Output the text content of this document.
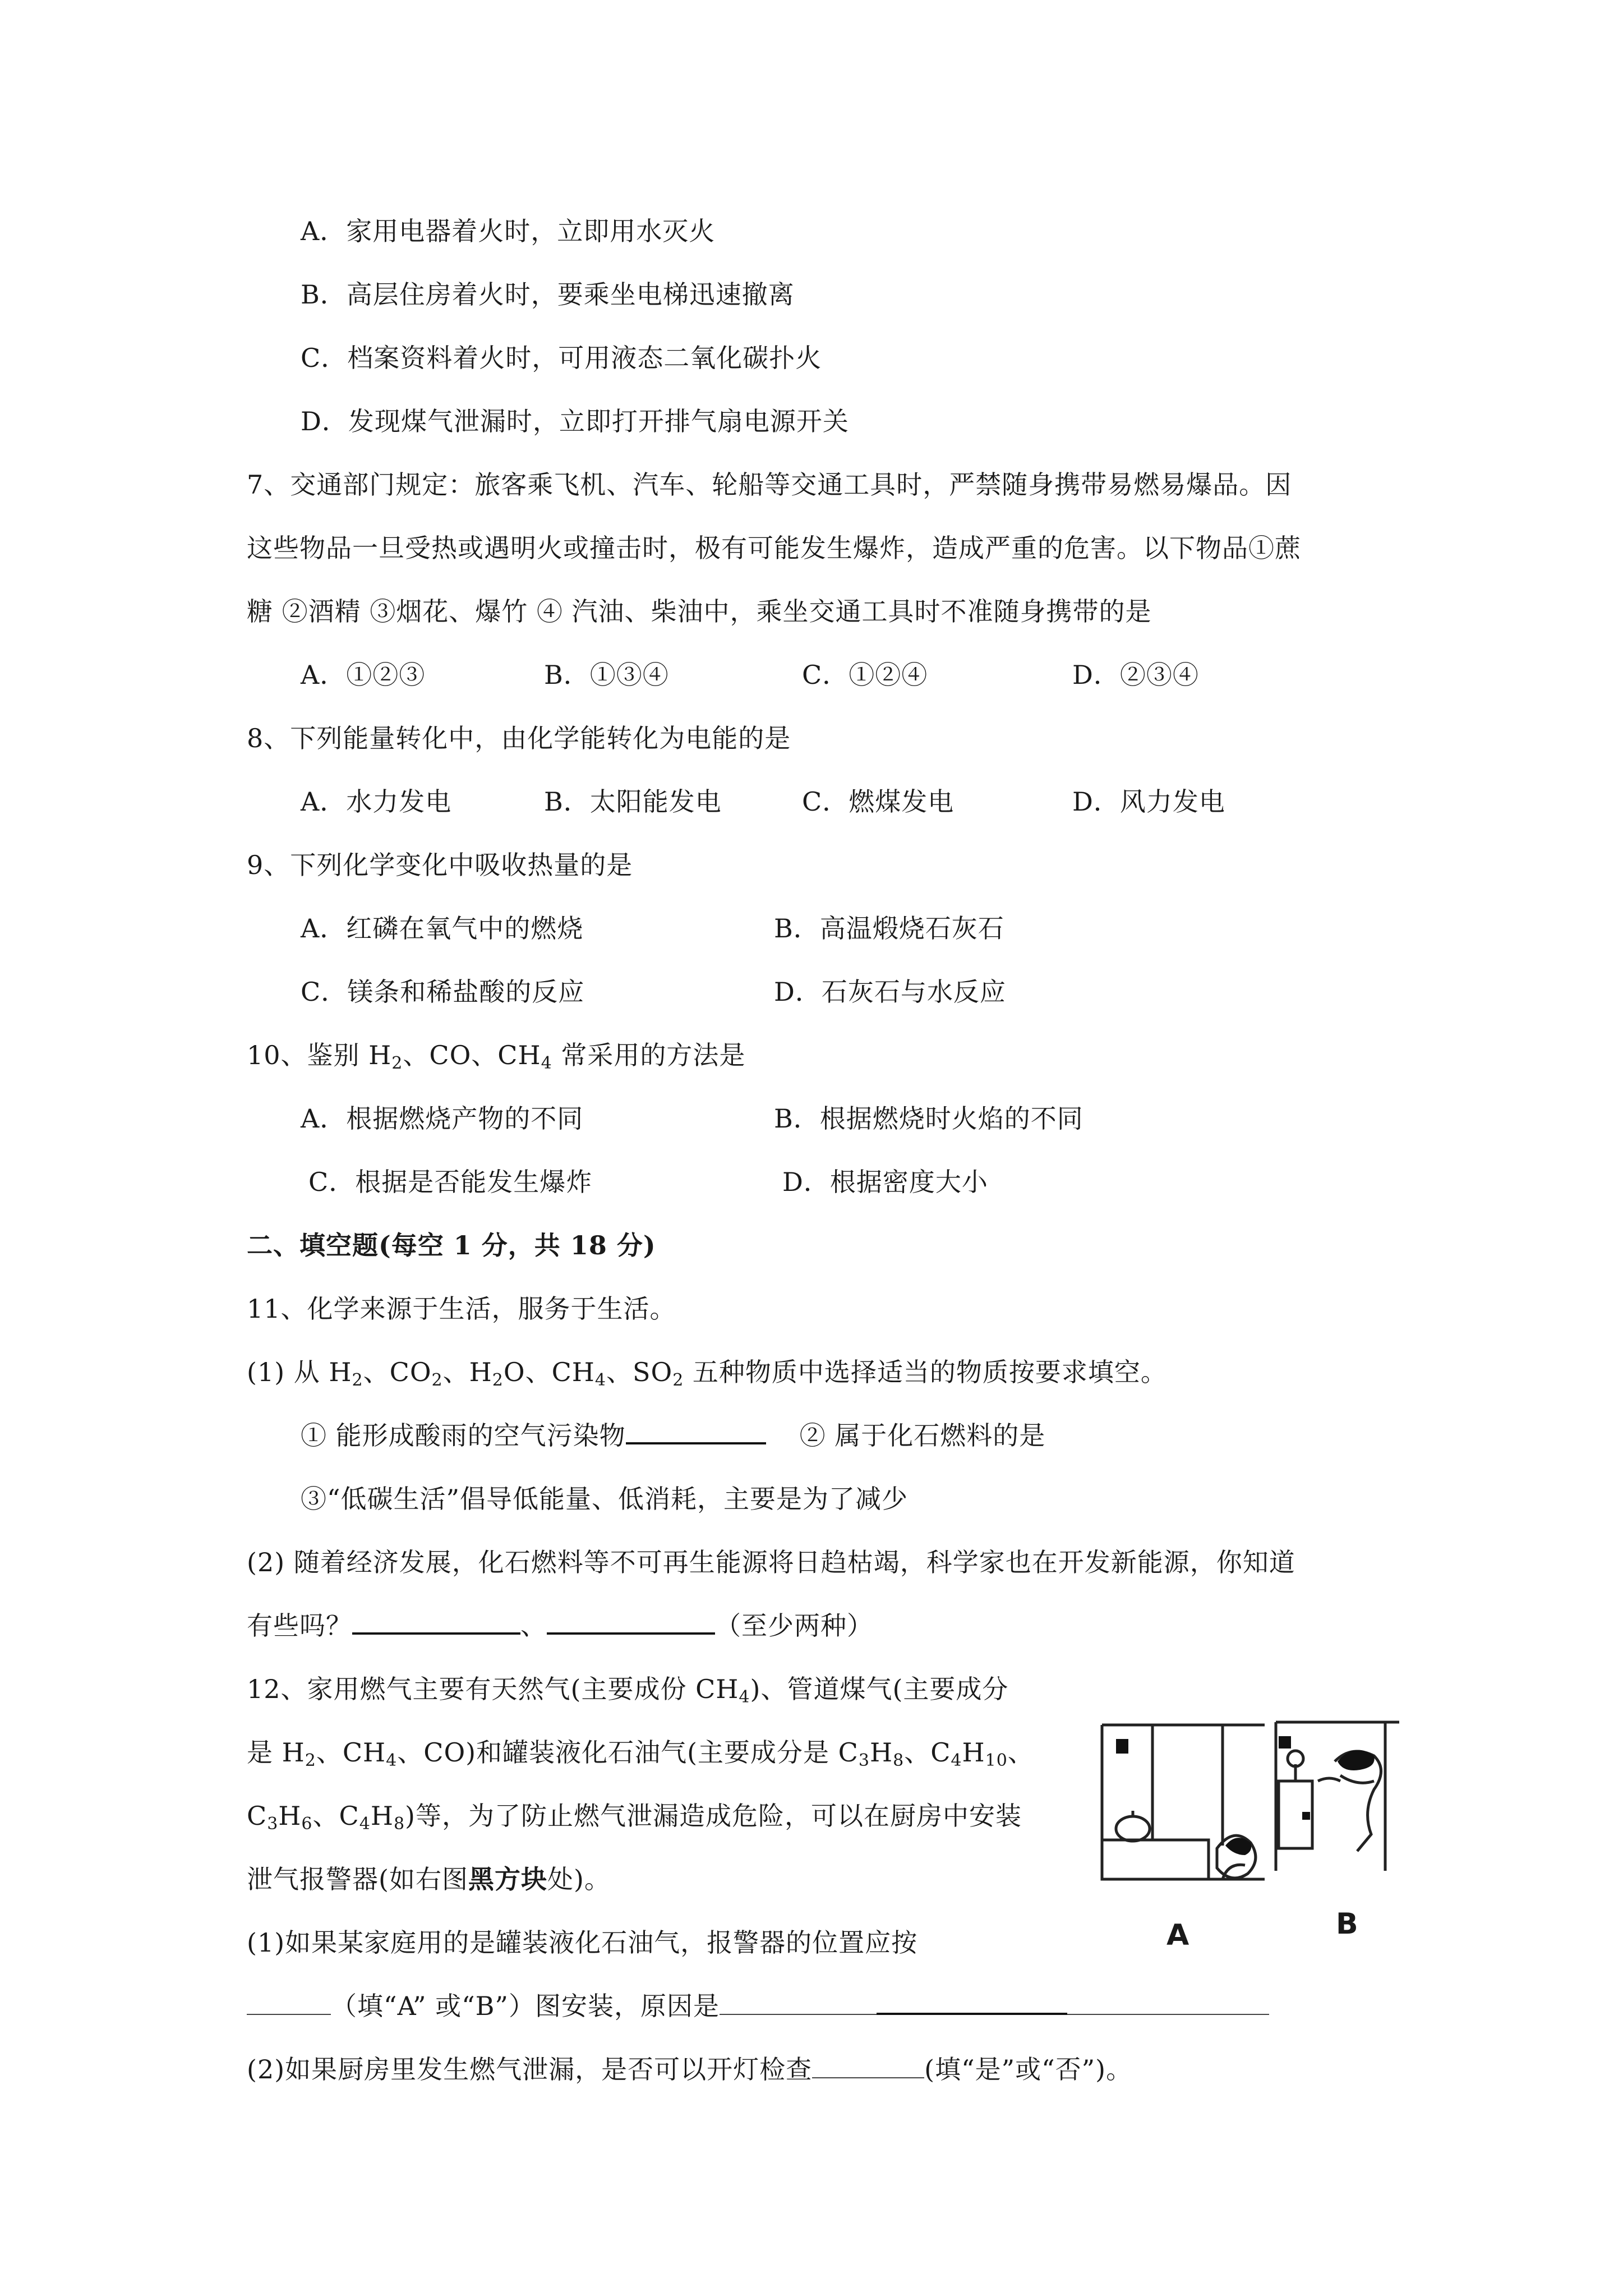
A．家用电器着火时，立即用水灭火
B．高层住房着火时，要乘坐电梯迅速撤离
C．档案资料着火时，可用液态二氧化碳扑火
D．发现煤气泄漏时，立即打开排气扇电源开关
7、交通部门规定：旅客乘飞机、汽车、轮船等交通工具时，严禁随身携带易燃易爆品。因
这些物品一旦受热或遇明火或撞击时，极有可能发生爆炸，造成严重的危害。以下物品①蔗
糖 ②酒精 ③烟花、爆竹 ④ 汽油、柴油中，乘坐交通工具时不准随身携带的是
A．①②③	B．①③④	C．①②④	D．②③④
8、下列能量转化中，由化学能转化为电能的是
A．水力发电	B．太阳能发电	C．燃煤发电	D．风力发电
9、下列化学变化中吸收热量的是
A．红磷在氧气中的燃烧	B．高温煅烧石灰石
C．镁条和稀盐酸的反应	D．石灰石与水反应
10、鉴别 $H_2$、CO、$CH_4$ 常采用的方法是
A．根据燃烧产物的不同	B．根据燃烧时火焰的不同
C．根据是否能发生爆炸	D．根据密度大小
二、填空题(每空 1 分，共 18 分)
11、化学来源于生活，服务于生活。
(1) 从 $H_2$、$CO_2$、$H_2O$、$CH_4$、$SO_2$ 五种物质中选择适当的物质按要求填空。
① 能形成酸雨的空气污染物	② 属于化石燃料的是
③“低碳生活”倡导低能量、低消耗，主要是为了减少
(2) 随着经济发展，化石燃料等不可再生能源将日趋枯竭，科学家也在开发新能源，你知道
有些吗？	、	（至少两种）
12、家用燃气主要有天然气(主要成份 $CH_4$)、管道煤气(主要成分
是 $H_2$、$CH_4$、CO)和罐装液化石油气(主要成分是 $C_3H_8$、$C_4H_{10}$、
$C_3H_6$、$C_4H_8$)等，为了防止燃气泄漏造成危险，可以在厨房中安装
泄气报警器(如右图黑方块处)。
(1)如果某家庭用的是罐装液化石油气，报警器的位置应按
（填“A” 或“B”）图安装，原因是
(2)如果厨房里发生燃气泄漏，是否可以开灯检查	(填“是”或“否”)。
A	B
